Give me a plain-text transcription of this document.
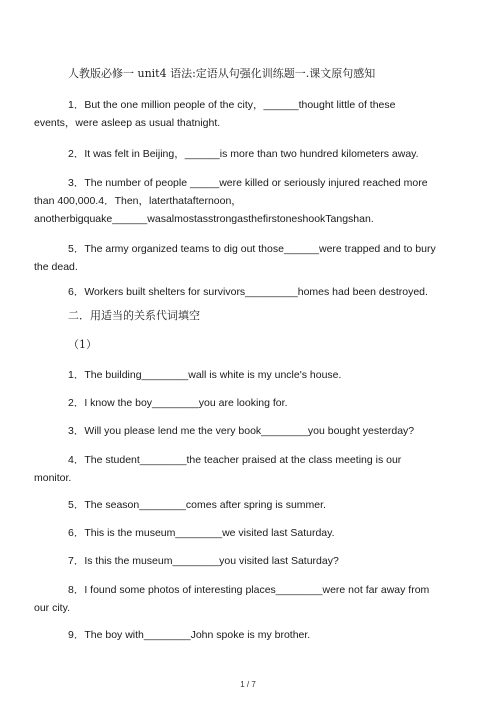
人教版必修一 unit4 语法:定语从句强化训练题一.课文原句感知
1．But the one million people of the city，______thought little of these
events，were asleep as usual thatnight.
2．It was felt in Beijing，______is more than two hundred kilometers away.
3．The number of people _____were killed or seriously injured reached more
than 400,000.4．Then，laterthatafternoon，
anotherbigquake______wasalmostasstrongasthefirstoneshookTangshan.
5．The army organized teams to dig out those______were trapped and to bury
the dead.
6．Workers built shelters for survivors_________homes had been destroyed.
二．用适当的关系代词填空
（1）
1．The building________wall is white is my uncle's house.
2．I know the boy________you are looking for.
3．Will you please lend me the very book________you bought yesterday?
4．The student________the teacher praised at the class meeting is our
monitor.
5．The season________comes after spring is summer.
6．This is the museum________we visited last Saturday.
7．Is this the museum________you visited last Saturday?
8．I found some photos of interesting places________were not far away from
our city.
9．The boy with________John spoke is my brother.
1 / 7
